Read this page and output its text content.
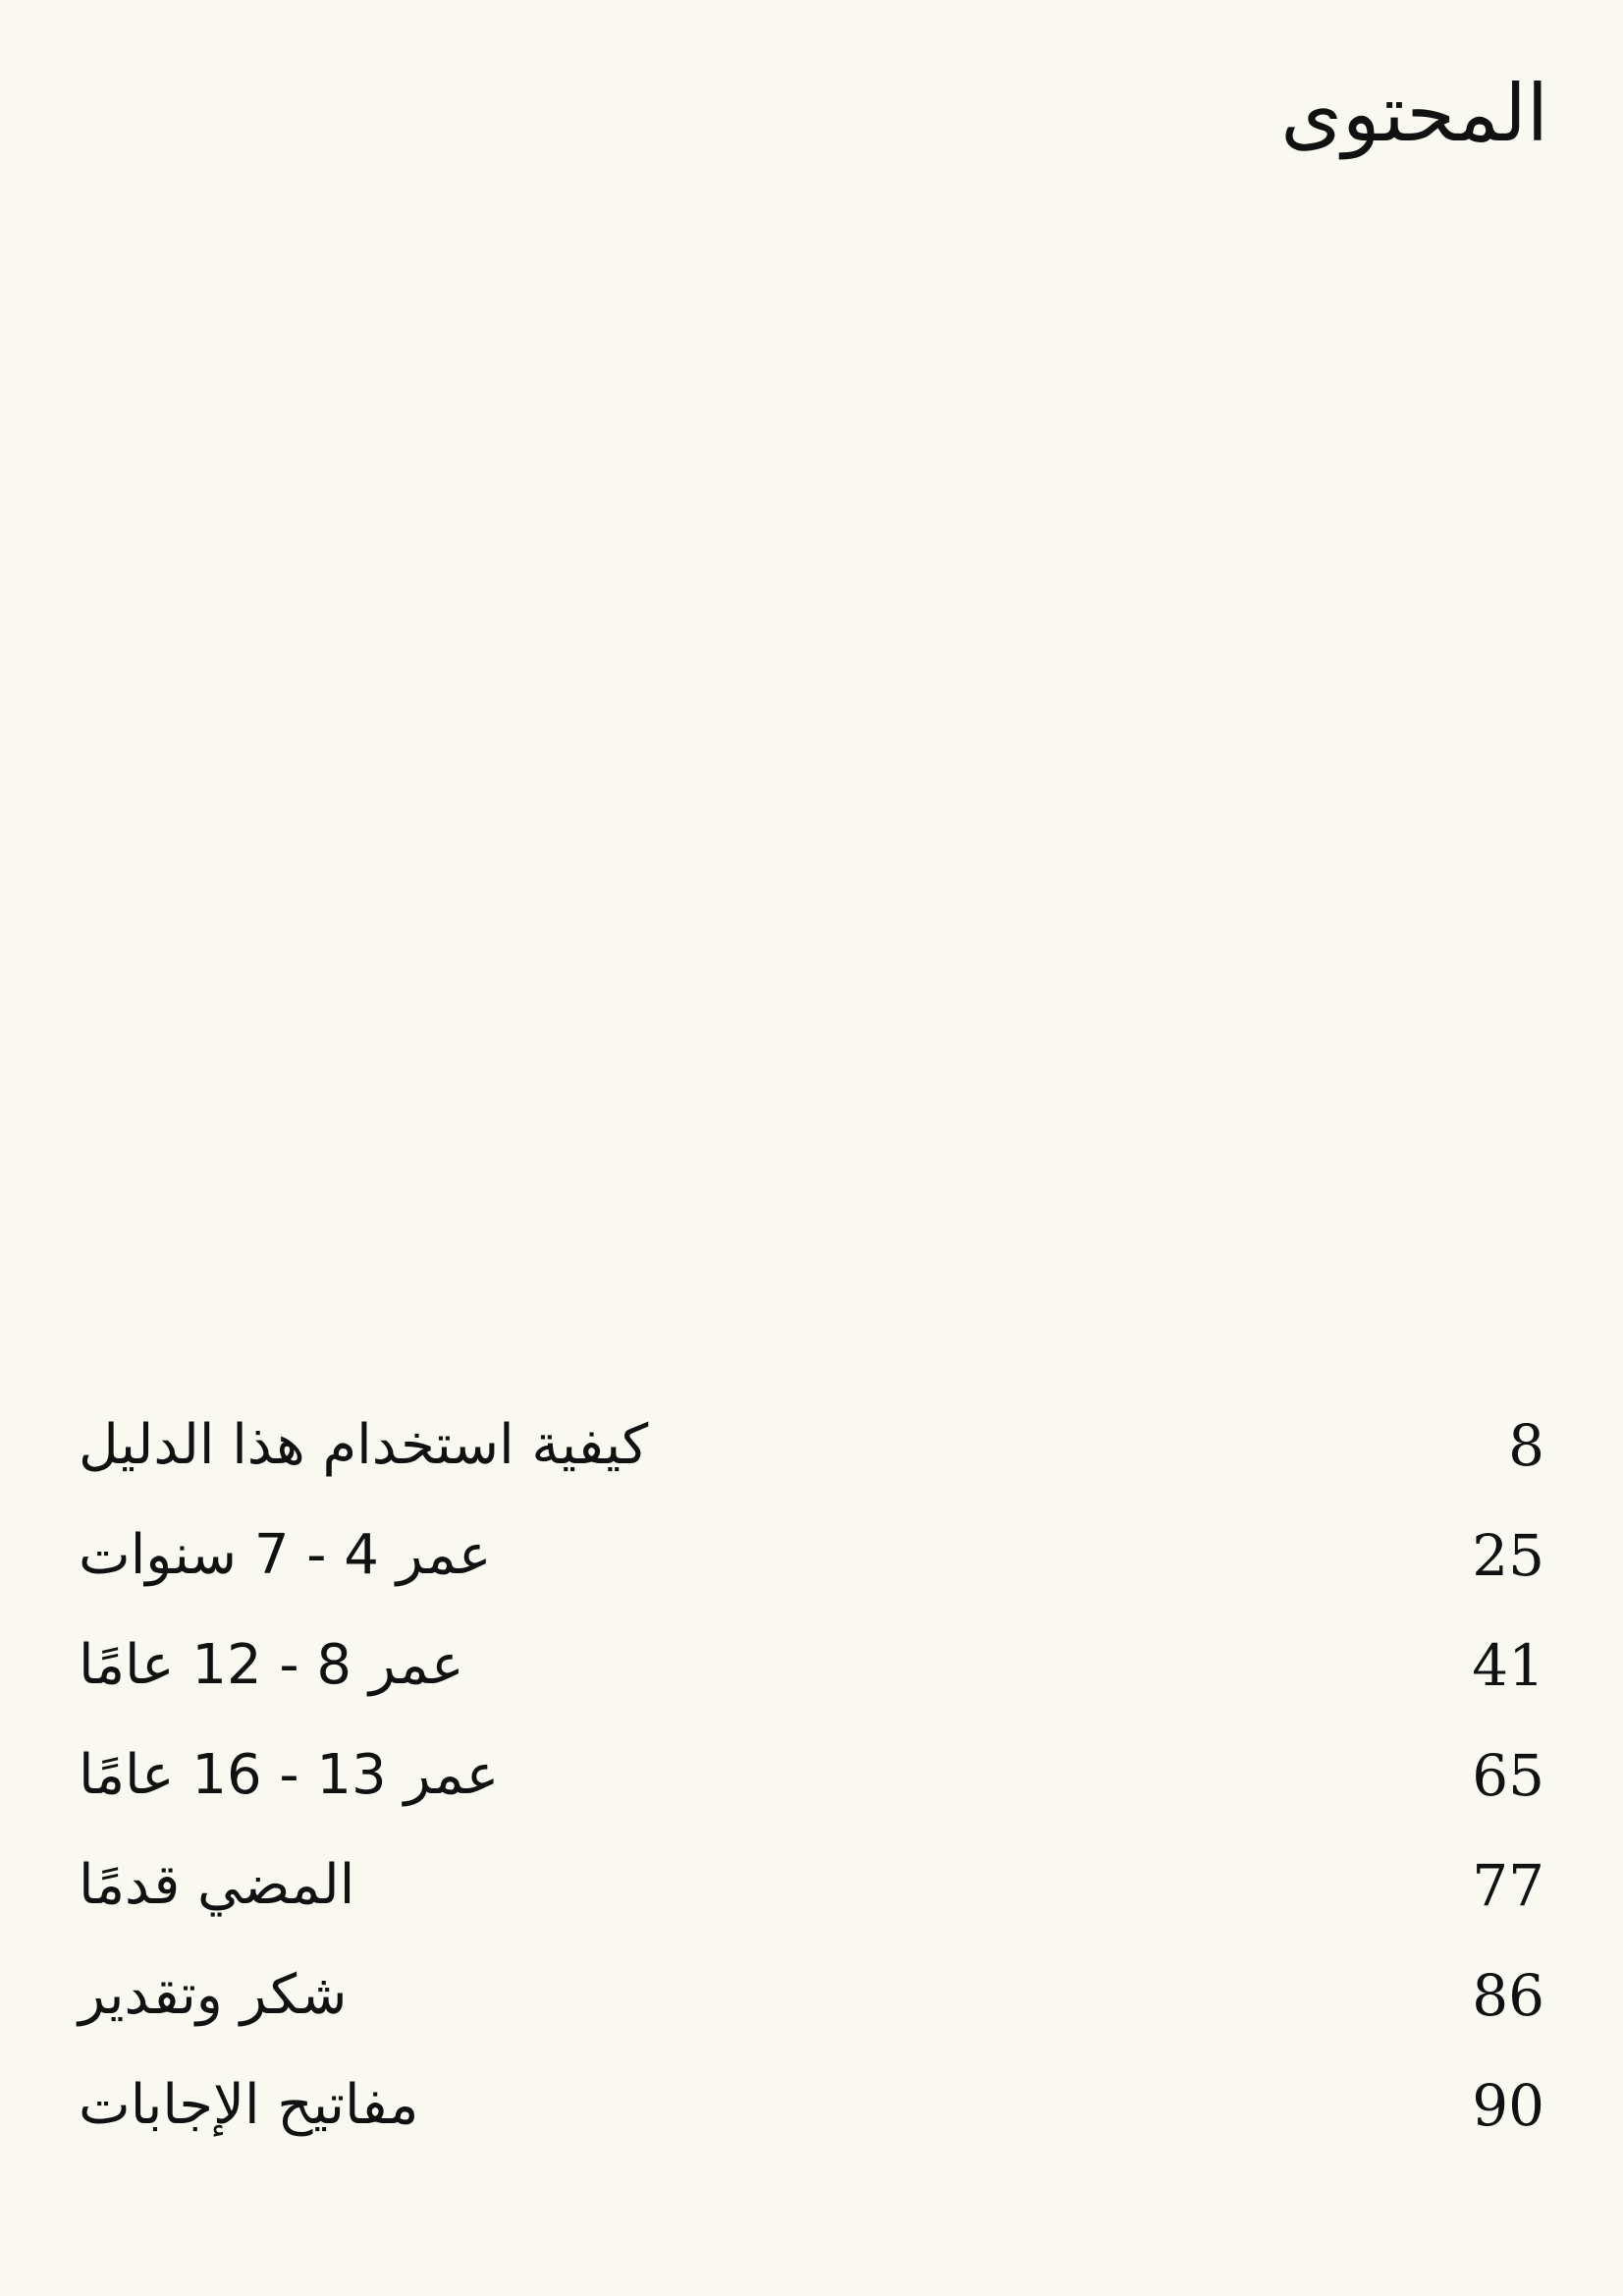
المحتوى
كيفية استخدام هذا الدليل	8
عمر 4 - 7 سنوات	25
عمر 8 - 12 عامًا	41
عمر 13 - 16 عامًا	65
المضي قدمًا	77
شكر وتقدير	86
مفاتيح الإجابات	90
